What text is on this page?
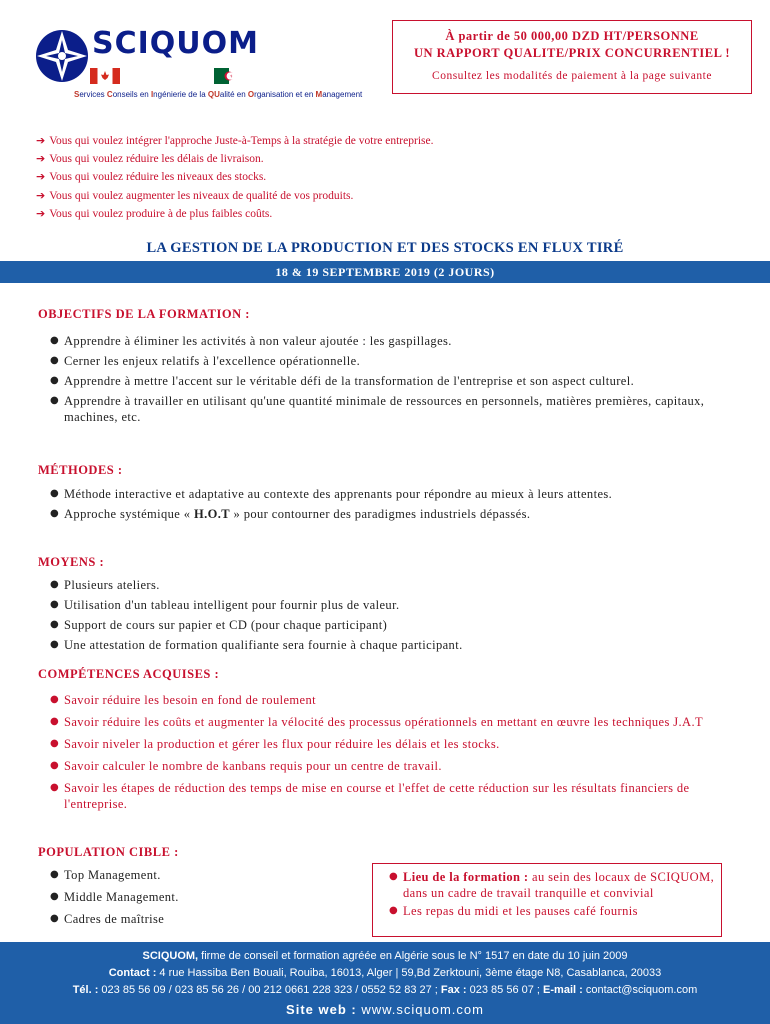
SCIQUOM
Services Conseils en Ingénierie de la QUalité en Organisation et en Management
À partir de 50 000,00 DZD HT/PERSONNE
UN RAPPORT QUALITE/PRIX CONCURRENTIEL !
Consultez les modalités de paiement à la page suivante
➔ Vous qui voulez intégrer l'approche Juste-à-Temps à la stratégie de votre entreprise.
➔ Vous qui voulez réduire les délais de livraison.
➔ Vous qui voulez réduire les niveaux des stocks.
➔ Vous qui voulez augmenter les niveaux de qualité de vos produits.
➔ Vous qui voulez produire à de plus faibles coûts.
LA GESTION DE LA PRODUCTION ET DES STOCKS EN FLUX TIRÉ
18 & 19 SEPTEMBRE 2019 (2 JOURS)
OBJECTIFS DE LA FORMATION :
● Apprendre à éliminer les activités à non valeur ajoutée : les gaspillages.
● Cerner les enjeux relatifs à l'excellence opérationnelle.
● Apprendre à mettre l'accent sur le véritable défi de la transformation de l'entreprise et son aspect culturel.
● Apprendre à travailler en utilisant qu'une quantité minimale de ressources en personnels, matières premières, capitaux, machines, etc.
MÉTHODES :
● Méthode interactive et adaptative au contexte des apprenants pour répondre au mieux à leurs attentes.
● Approche systémique « H.O.T » pour contourner des paradigmes industriels dépassés.
MOYENS :
● Plusieurs ateliers.
● Utilisation d'un tableau intelligent pour fournir plus de valeur.
● Support de cours sur papier et CD (pour chaque participant)
● Une attestation de formation qualifiante sera fournie à chaque participant.
COMPÉTENCES ACQUISES :
● Savoir réduire les besoin en fond de roulement
● Savoir réduire les coûts et augmenter la vélocité des processus opérationnels en mettant en œuvre les techniques J.A.T
● Savoir niveler la production et gérer les flux pour réduire les délais et les stocks.
● Savoir calculer le nombre de kanbans requis pour un centre de travail.
● Savoir les étapes de réduction des temps de mise en course et l'effet de cette réduction sur les résultats financiers de l'entreprise.
POPULATION CIBLE :
● Top Management.
● Middle Management.
● Cadres de maîtrise
● Lieu de la formation : au sein des locaux de SCIQUOM, dans un cadre de travail tranquille et convivial
● Les repas du midi et les pauses café fournis
SCIQUOM, firme de conseil et formation agréée en Algérie sous le N° 1517 en date du 10 juin 2009
Contact : 4 rue Hassiba Ben Bouali, Rouiba, 16013, Alger | 59,Bd Zerktouni, 3ème étage N8, Casablanca, 20033
Tél. : 023 85 56 09 / 023 85 56 26 / 00 212 0661 228 323 / 0552 52 83 27 ; Fax : 023 85 56 07 ; E-mail : contact@sciquom.com
Site web : www.sciquom.com
